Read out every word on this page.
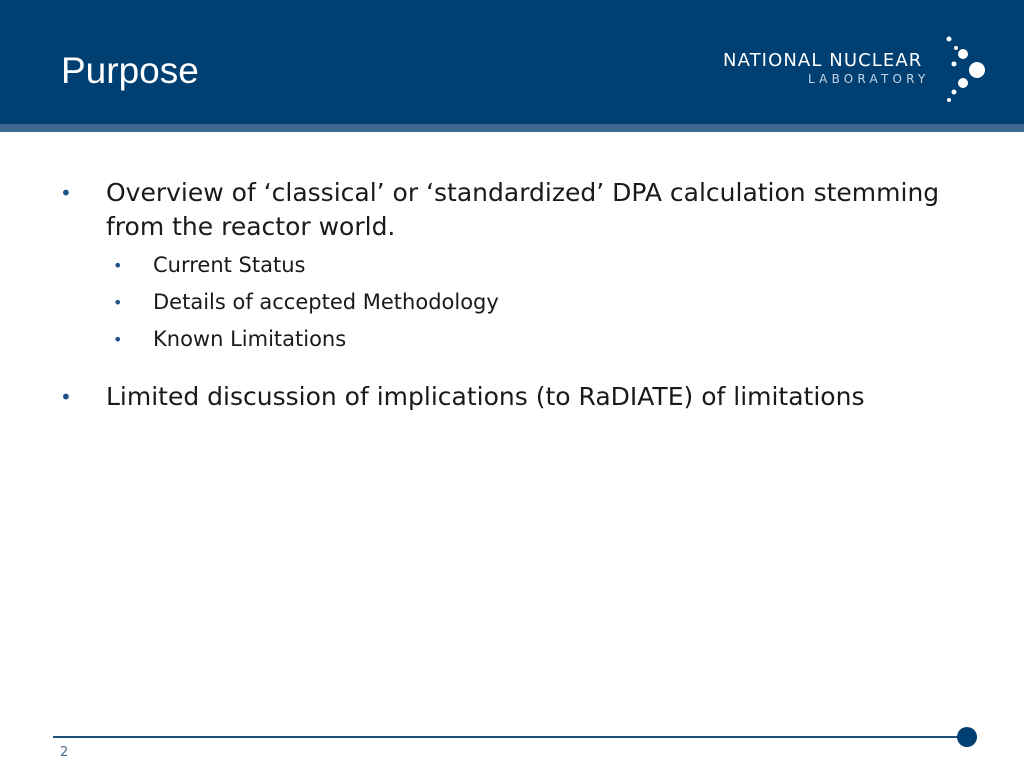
Purpose	NATIONAL NUCLEAR
LABORATORY
• Overview of ‘classical’ or ‘standardized’ DPA calculation stemming from the reactor world.
• Current Status
• Details of accepted Methodology
• Known Limitations
• Limited discussion of implications (to RaDIATE) of limitations
2
